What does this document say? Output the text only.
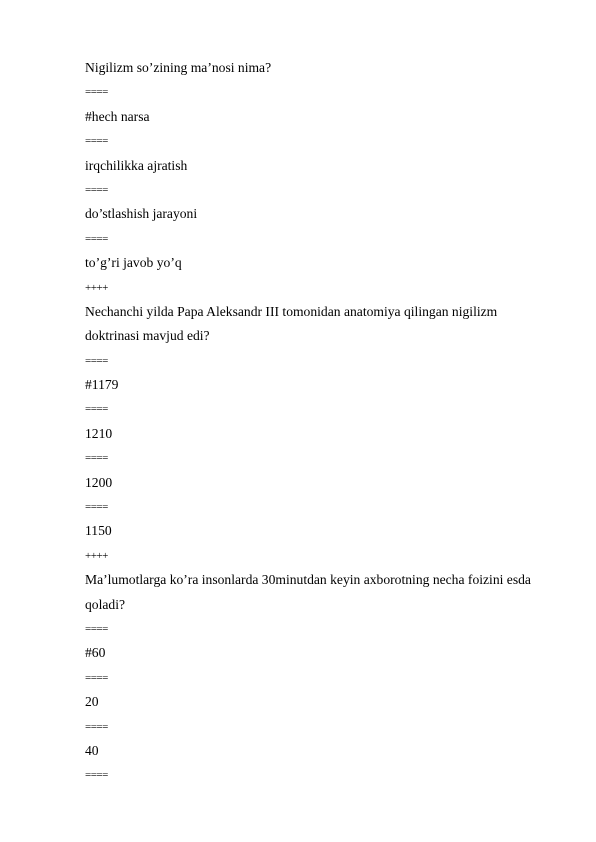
Nigilizm so’zining ma’nosi nima?
====
#hech narsa
====
irqchilikka ajratish
====
do’stlashish jarayoni
====
to’g’ri javob yo’q
++++
Nechanchi yilda Papa Aleksandr III tomonidan anatomiya qilingan nigilizm
doktrinasi mavjud edi?
====
#1179
====
1210
====
1200
====
1150
++++
Ma’lumotlarga ko’ra insonlarda 30minutdan keyin axborotning necha foizini esda
qoladi?
====
#60
====
20
====
40
====
